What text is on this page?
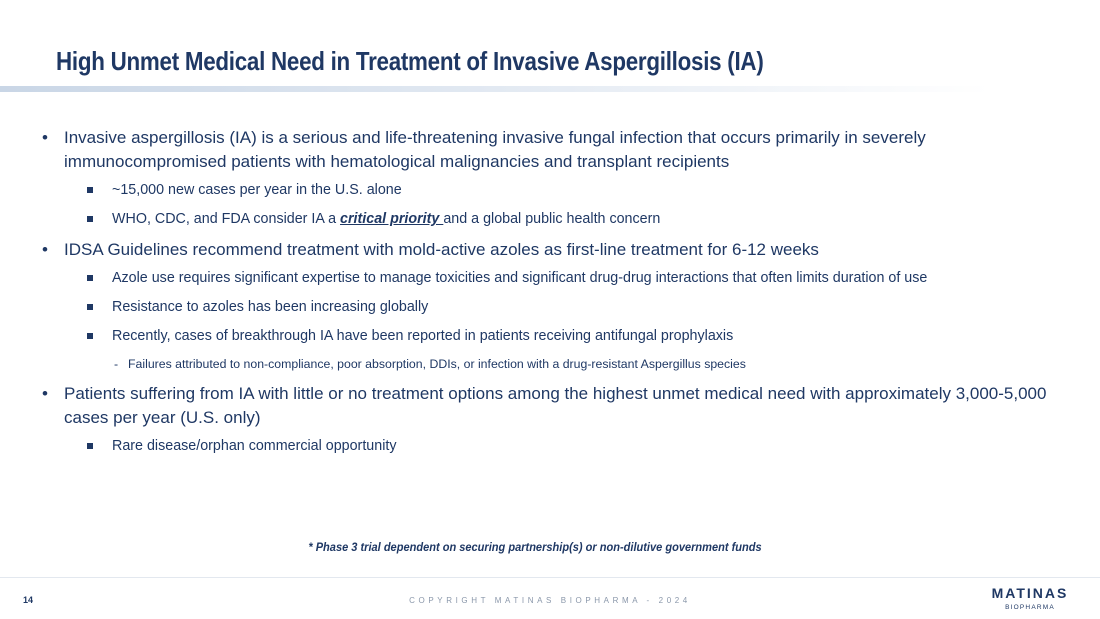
High Unmet Medical Need in Treatment of Invasive Aspergillosis (IA)
• Invasive aspergillosis (IA) is a serious and life-threatening invasive fungal infection that occurs primarily in severely immunocompromised patients with hematological malignancies and transplant recipients
~15,000 new cases per year in the U.S. alone
WHO, CDC, and FDA consider IA a critical priority and a global public health concern
• IDSA Guidelines recommend treatment with mold-active azoles as first-line treatment for 6-12 weeks
Azole use requires significant expertise to manage toxicities and significant drug-drug interactions that often limits duration of use
Resistance to azoles has been increasing globally
Recently, cases of breakthrough IA have been reported in patients receiving antifungal prophylaxis
- Failures attributed to non-compliance, poor absorption, DDIs, or infection with a drug-resistant Aspergillus species
• Patients suffering from IA with little or no treatment options among the highest unmet medical need with approximately 3,000-5,000 cases per year (U.S. only)
Rare disease/orphan commercial opportunity
* Phase 3 trial dependent on securing partnership(s) or non-dilutive government funds
14	COPYRIGHT MATINAS BIOPHARMA - 2024	MATINAS
BIOPHARMA
